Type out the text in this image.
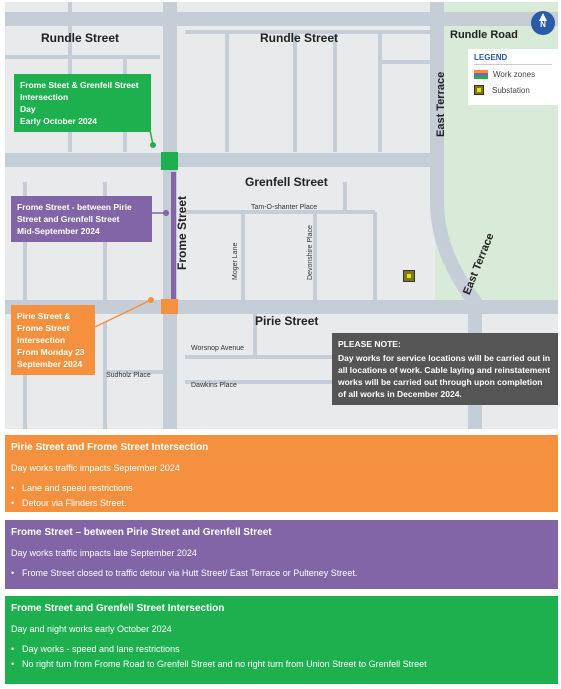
Rundle Street	Rundle Street	Rundle Road
East Terrace
East Terrace
Grenfell Street
Frome Street
Pirie Street
Tam-O-shanter Place
Moger Lane	Devonshire Place
Worsnop Avenue
Sudholz Place
Dawkins Place
Frome Steet & Grenfell Street
Intersection
Day
Early October 2024
Frome Street - between Pirie
Street and Grenfell Street
Mid-September 2024
Pirie Street &
Frome Street
intersection
From Monday 23
September 2024
N
LEGEND
Work zones
Substation
PLEASE NOTE:
Day works for service locations will be carried out in all locations of work. Cable laying and reinstatement works will be carried out through upon completion of all works in December 2024.
Pirie Street and Frome Street Intersection
Day works traffic impacts September 2024
• Lane and speed restrictions
• Detour via Flinders Street.
Frome Street – between Pirie Street and Grenfell Street
Day works traffic impacts late September 2024
• Frome Street closed to traffic detour via Hutt Street/ East Terrace or Pulteney Street.
Frome Street and Grenfell Street Intersection
Day and night works early October 2024
• Day works - speed and lane restrictions
• No right turn from Frome Road to Grenfell Street and no right turn from Union Street to Grenfell Street
